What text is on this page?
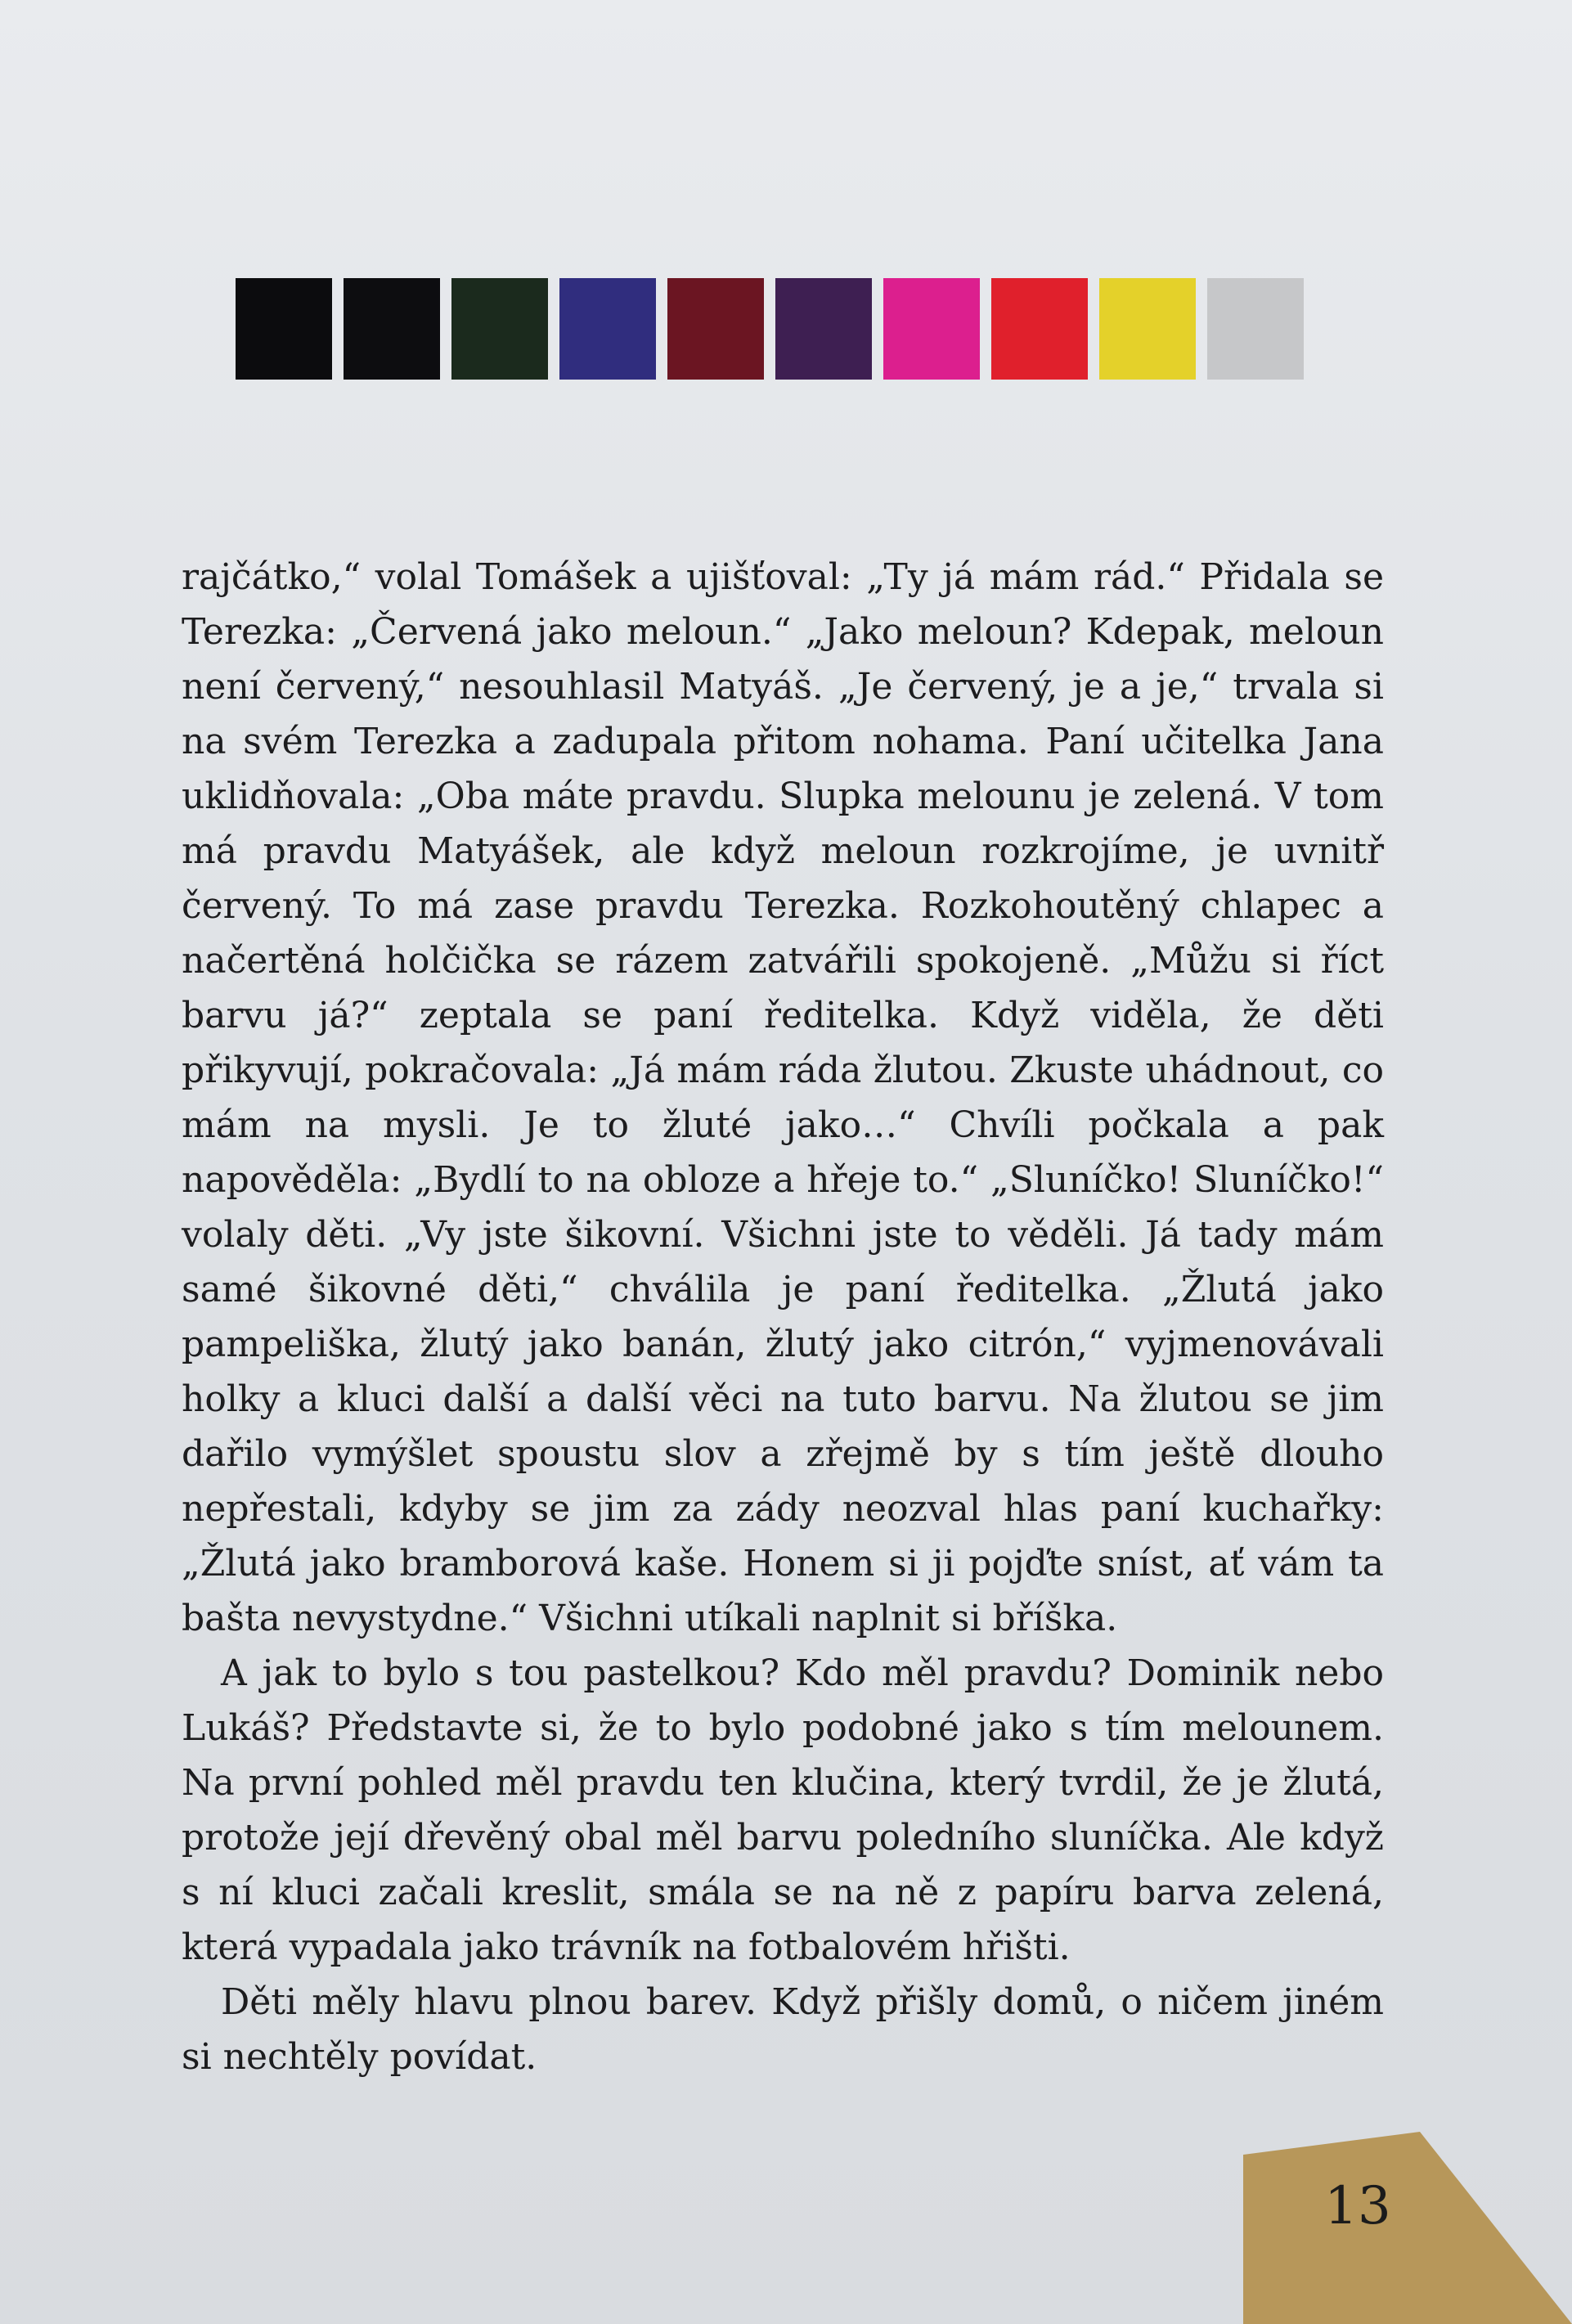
rajčátko,“ volal Tomášek a ujišťoval: „Ty já mám rád.“ Přidala se Terezka: „Červená jako meloun.“ „Jako meloun? Kdepak, meloun není červený,“ nesouhlasil Matyáš. „Je červený, je a je,“ trvala si na svém Terezka a zadupala přitom nohama. Paní učitelka Jana uklidňovala: „Oba máte pravdu. Slupka melounu je zelená. V tom má pravdu Matyášek, ale když meloun rozkrojíme, je uvnitř červený. To má zase pravdu Terezka. Rozkohoutěný chlapec a načertěná holčička se rázem zatvářili spokojeně. „Můžu si říct barvu já?“ zeptala se paní ředitelka. Když viděla, že děti přikyvují, pokračovala: „Já mám ráda žlutou. Zkuste uhádnout, co mám na mysli. Je to žluté jako…“ Chvíli počkala a pak napověděla: „Bydlí to na obloze a hřeje to.“ „Sluníčko! Sluníčko!“ volaly děti. „Vy jste šikovní. Všichni jste to věděli. Já tady mám samé šikovné děti,“ chválila je paní ředitelka. „Žlutá jako pampeliška, žlutý jako banán, žlutý jako citrón,“ vyjmenovávali holky a kluci další a další věci na tuto barvu. Na žlutou se jim dařilo vymýšlet spoustu slov a zřejmě by s tím ještě dlouho nepřestali, kdyby se jim za zády neozval hlas paní kuchařky: „Žlutá jako bramborová kaše. Honem si ji pojďte sníst, ať vám ta bašta nevystydne.“ Všichni utíkali naplnit si bříška.

A jak to bylo s tou pastelkou? Kdo měl pravdu? Dominik nebo Lukáš? Představte si, že to bylo podobné jako s tím melounem. Na první pohled měl pravdu ten klučina, který tvrdil, že je žlutá, protože její dřevěný obal měl barvu poledního sluníčka. Ale když s ní kluci začali kreslit, smála se na ně z papíru barva zelená, která vypadala jako trávník na fotbalovém hřišti.

Děti měly hlavu plnou barev. Když přišly domů, o ničem jiném si nechtěly povídat.

13
